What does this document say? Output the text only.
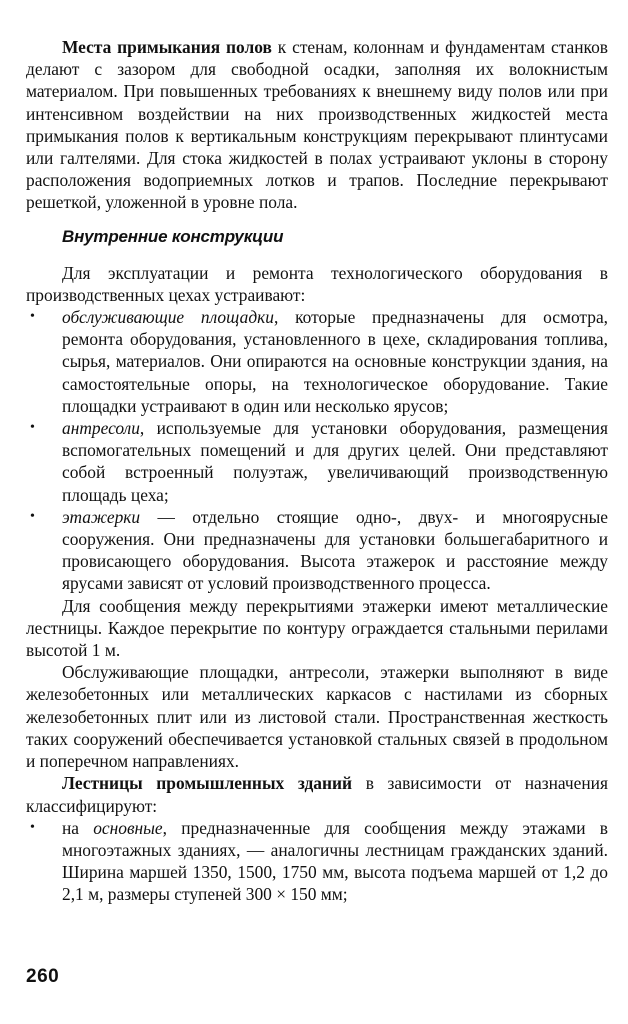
Места примыкания полов к стенам, колоннам и фундаментам станков делают с зазором для свободной осадки, заполняя их волокнистым материалом. При повышенных требованиях к внешнему виду полов или при интенсивном воздействии на них производственных жидкостей места примыкания полов к вертикальным конструкциям перекрывают плинтусами или галтелями. Для стока жидкостей в полах устраивают уклоны в сторону расположения водоприемных лотков и трапов. Последние перекрывают решеткой, уложенной в уровне пола.

Внутренние конструкции

Для эксплуатации и ремонта технологического оборудования в производственных цехах устраивают:

• обслуживающие площадки, которые предназначены для осмотра, ремонта оборудования, установленного в цехе, складирования топлива, сырья, материалов. Они опираются на основные конструкции здания, на самостоятельные опоры, на технологическое оборудование. Такие площадки устраивают в один или несколько ярусов;
• антресоли, используемые для установки оборудования, размещения вспомогательных помещений и для других целей. Они представляют собой встроенный полуэтаж, увеличивающий производственную площадь цеха;
• этажерки — отдельно стоящие одно-, двух- и многоярусные сооружения. Они предназначены для установки большегабаритного и провисающего оборудования. Высота этажерок и расстояние между ярусами зависят от условий производственного процесса.

Для сообщения между перекрытиями этажерки имеют металлические лестницы. Каждое перекрытие по контуру ограждается стальными перилами высотой 1 м.

Обслуживающие площадки, антресоли, этажерки выполняют в виде железобетонных или металлических каркасов с настилами из сборных железобетонных плит или из листовой стали. Пространственная жесткость таких сооружений обеспечивается установкой стальных связей в продольном и поперечном направлениях.

Лестницы промышленных зданий в зависимости от назначения классифицируют:

• на основные, предназначенные для сообщения между этажами в многоэтажных зданиях, — аналогичны лестницам гражданских зданий. Ширина маршей 1350, 1500, 1750 мм, высота подъема маршей от 1,2 до 2,1 м, размеры ступеней 300 × 150 мм;
260
